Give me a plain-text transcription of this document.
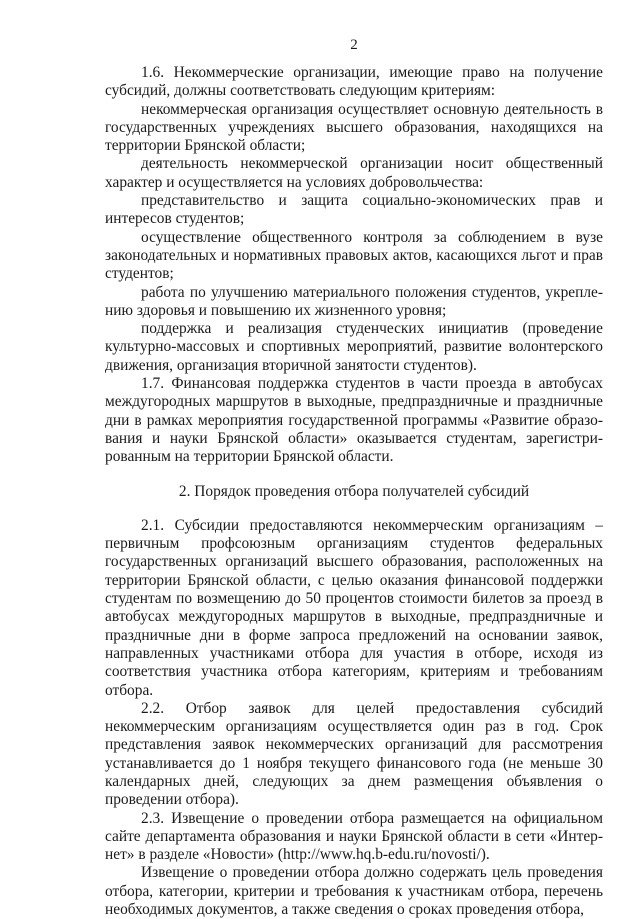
2

1.6. Некоммерческие организации, имеющие право на получение субсидий, должны соответствовать следующим критериям:

некоммерческая организация осуществляет основную деятельность в государственных учреждениях высшего образования, находящихся на территории Брянской области;

деятельность некоммерческой организации носит общественный характер и осуществляется на условиях добровольчества:

представительство и защита социально-экономических прав и интересов студентов;

осуществление общественного контроля за соблюдением в вузе законодательных и нормативных правовых актов, касающихся льгот и прав студентов;

работа по улучшению материального положения студентов, укреплению здоровья и повышению их жизненного уровня;

поддержка и реализация студенческих инициатив (проведение культурно-массовых и спортивных мероприятий, развитие волонтерского движения, организация вторичной занятости студентов).

1.7. Финансовая поддержка студентов в части проезда в автобусах междугородных маршрутов в выходные, предпраздничные и праздничные дни в рамках мероприятия государственной программы «Развитие образования и науки Брянской области» оказывается студентам, зарегистрированным на территории Брянской области.

2. Порядок проведения отбора получателей субсидий

2.1. Субсидии предоставляются некоммерческим организациям – первичным профсоюзным организациям студентов федеральных государственных организаций высшего образования, расположенных на территории Брянской области, с целью оказания финансовой поддержки студентам по возмещению до 50 процентов стоимости билетов за проезд в автобусах междугородных маршрутов в выходные, предпраздничные и праздничные дни в форме запроса предложений на основании заявок, направленных участниками отбора для участия в отборе, исходя из соответствия участника отбора категориям, критериям и требованиям отбора.

2.2. Отбор заявок для целей предоставления субсидий некоммерческим организациям осуществляется один раз в год. Срок представления заявок некоммерческих организаций для рассмотрения устанавливается до 1 ноября текущего финансового года (не меньше 30 календарных дней, следующих за днем размещения объявления о проведении отбора).

2.3. Извещение о проведении отбора размещается на официальном сайте департамента образования и науки Брянской области в сети «Интернет» в разделе «Новости» (http://www.hq.b-edu.ru/novosti/).

Извещение о проведении отбора должно содержать цель проведения отбора, категории, критерии и требования к участникам отбора, перечень необходимых документов, а также сведения о сроках проведения отбора,
